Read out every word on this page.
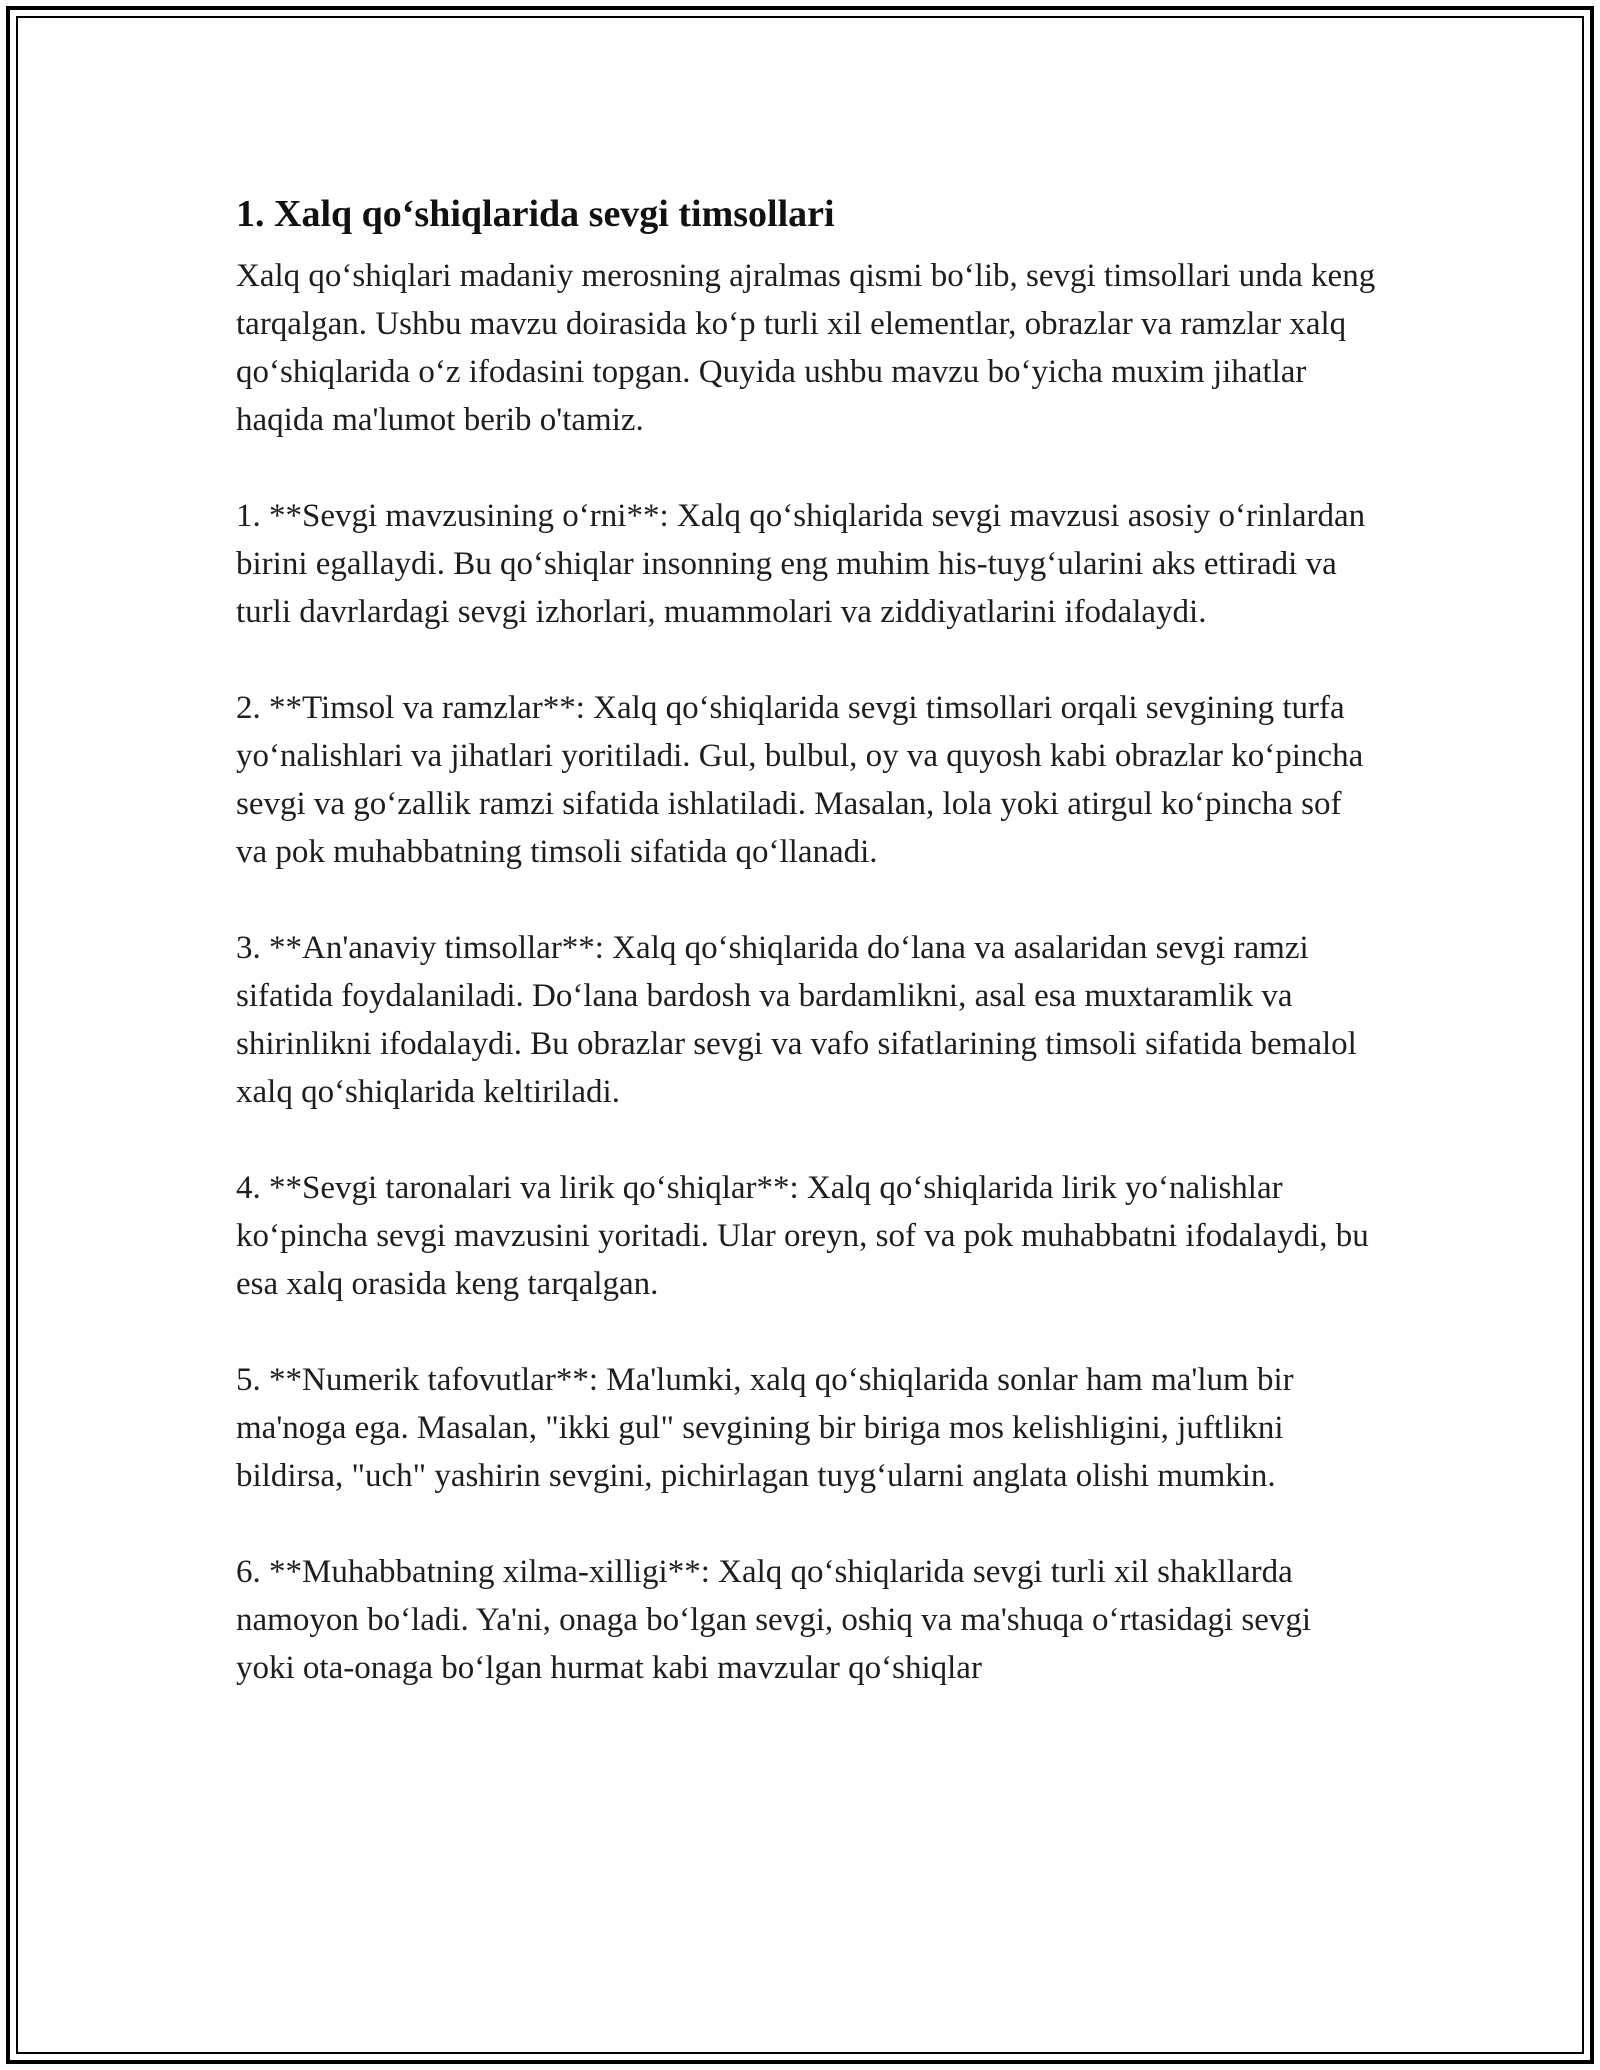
1. Xalq qo‘shiqlarida sevgi timsollari

Xalq qo‘shiqlari madaniy merosning ajralmas qismi bo‘lib, sevgi timsollari unda keng tarqalgan. Ushbu mavzu doirasida ko‘p turli xil elementlar, obrazlar va ramzlar xalq qo‘shiqlarida o‘z ifodasini topgan. Quyida ushbu mavzu bo‘yicha muxim jihatlar haqida ma'lumot berib o'tamiz.

1. **Sevgi mavzusining o‘rni**: Xalq qo‘shiqlarida sevgi mavzusi asosiy o‘rinlardan birini egallaydi. Bu qo‘shiqlar insonning eng muhim his-tuyg‘ularini aks ettiradi va turli davrlardagi sevgi izhorlari, muammolari va ziddiyatlarini ifodalaydi.

2. **Timsol va ramzlar**: Xalq qo‘shiqlarida sevgi timsollari orqali sevgining turfa yo‘nalishlari va jihatlari yoritiladi. Gul, bulbul, oy va quyosh kabi obrazlar ko‘pincha sevgi va go‘zallik ramzi sifatida ishlatiladi. Masalan, lola yoki atirgul ko‘pincha sof va pok muhabbatning timsoli sifatida qo‘llanadi.

3. **An'anaviy timsollar**: Xalq qo‘shiqlarida do‘lana va asalaridan sevgi ramzi sifatida foydalaniladi. Do‘lana bardosh va bardamlikni, asal esa muxtaramlik va shirinlikni ifodalaydi. Bu obrazlar sevgi va vafo sifatlarining timsoli sifatida bemalol xalq qo‘shiqlarida keltiriladi.

4. **Sevgi taronalari va lirik qo‘shiqlar**: Xalq qo‘shiqlarida lirik yo‘nalishlar ko‘pincha sevgi mavzusini yoritadi. Ular oreyn, sof va pok muhabbatni ifodalaydi, bu esa xalq orasida keng tarqalgan.

5. **Numerik tafovutlar**: Ma'lumki, xalq qo‘shiqlarida sonlar ham ma'lum bir ma'noga ega. Masalan, "ikki gul" sevgining bir biriga mos kelishligini, juftlikni bildirsa, "uch" yashirin sevgini, pichirlagan tuyg‘ularni anglata olishi mumkin.

6. **Muhabbatning xilma-xilligi**: Xalq qo‘shiqlarida sevgi turli xil shakllarda namoyon bo‘ladi. Ya'ni, onaga bo‘lgan sevgi, oshiq va ma'shuqa o‘rtasidagi sevgi yoki ota-onaga bo‘lgan hurmat kabi mavzular qo‘shiqlar
